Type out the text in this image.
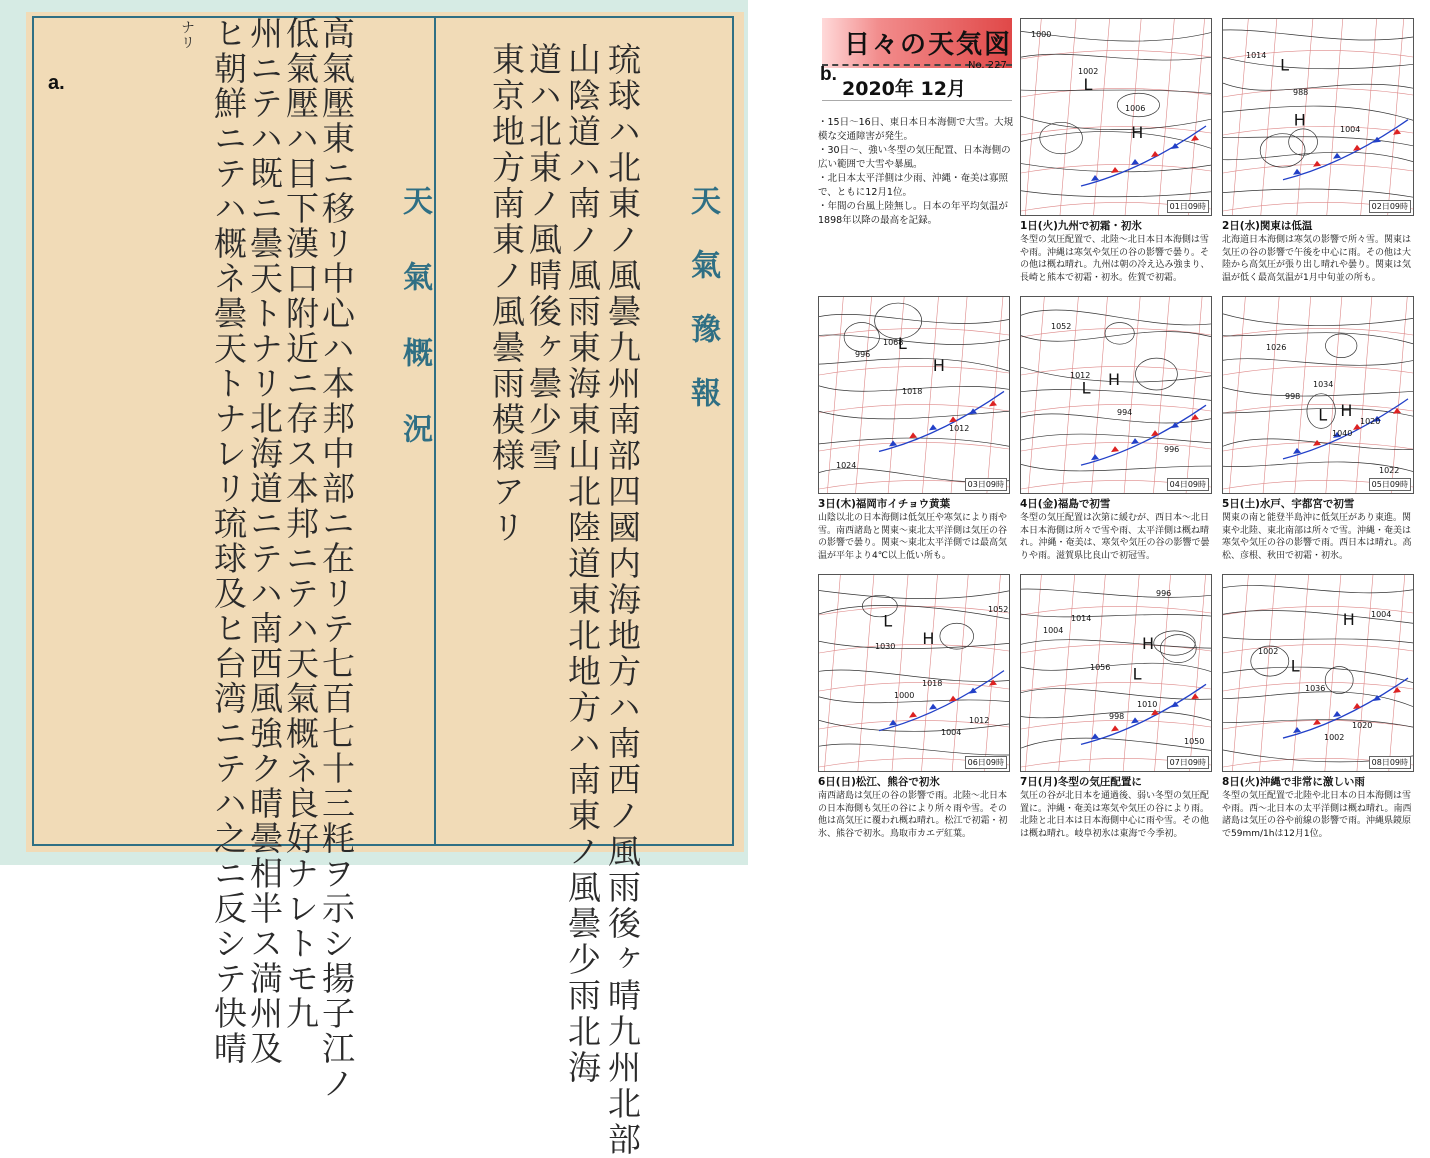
a.
天氣豫報
天氣概況	琉球ハ北東ノ風曇九州南部四國内海地方ハ南西ノ風雨後ヶ晴九州北部
山陰道ハ南ノ風雨東海東山北陸道東北地方ハ南東ノ風曇少雨北海
道ハ北東ノ風晴後ヶ曇少雪
東京地方南東ノ風曇雨模様アリ
高氣壓東ニ移リ中心ハ本邦中部ニ在リテ七百七十三粍ヲ示シ揚子江ノ
低氣壓ハ目下漢口附近ニ存ス本邦ニテハ天氣概ネ良好ナレトモ九
州ニテハ既ニ曇天トナリ北海道ニテハ南西風強ク晴曇相半ス満州及
ヒ朝鮮ニテハ概ネ曇天トナレリ琉球及ヒ台湾ニテハ之ニ反シテ快晴
ナリ	日々の天気図
No. 227
b.
2020年 12月
・15日～16日、東日本日本海側で大雪。大規模な交通障害が発生。
・30日～、強い冬型の気圧配置、日本海側の広い範囲で大雪や暴風。
・北日本太平洋側は少雨、沖縄・奄美は寡照で、ともに12月1位。
・年間の台風上陸無し。日本の年平均気温が1898年以降の最高を記録。
H
L
1000
1002
1006
01日09時
1日(火)九州で初霜・初氷
冬型の気圧配置で、北陸～北日本日本海側は雪や雨。沖縄は寒気や気圧の谷の影響で曇り。その他は概ね晴れ。九州は朝の冷え込み強まり、長崎と熊本で初霜・初氷。佐賀で初霜。
L
H
1014
988
1004
02日09時
2日(水)関東は低温
北海道日本海側は寒気の影響で所々雪。関東は気圧の谷の影響で午後を中心に雨。その他は大陸から高気圧が張り出し晴れや曇り。関東は気温が低く最高気温が1月中旬並の所も。
H
L
996
1018
1012
1024
1068
03日09時
3日(木)福岡市イチョウ黄葉
山陰以北の日本海側は低気圧や寒気により雨や雪。南西諸島と関東～東北太平洋側は気圧の谷の影響で曇り。関東～東北太平洋側では最高気温が平年より4℃以上低い所も。
L H
1012
994
996
1052
04日09時
4日(金)福島で初雪
冬型の気圧配置は次第に緩むが、西日本～北日本日本海側は所々で雪や雨、太平洋側は概ね晴れ。沖縄・奄美は、寒気や気圧の谷の影響で曇りや雨。滋賀県比良山で初冠雪。
H
L
998
1040
1022
1026
1034
1020
05日09時
5日(土)水戸、宇都宮で初雪
関東の南と能登半島沖に低気圧があり東進。関東や北陸、東北南部は所々で雪。沖縄・奄美は寒気や気圧の谷の影響で雨。西日本は晴れ。高松、彦根、秋田で初霜・初氷。
L
H
1000
1004
1052
1030
1018
1012
06日09時
6日(日)松江、熊谷で初氷
南西諸島は気圧の谷の影響で雨。北陸～北日本の日本海側も気圧の谷により所々雨や雪。その他は高気圧に覆われ概ね晴れ。松江で初霜・初氷、熊谷で初氷。鳥取市カエデ紅葉。
H
L
998
996
1004
1056
1010
1050
1014
07日09時
7日(月)冬型の気圧配置に
気圧の谷が北日本を通過後、弱い冬型の気圧配置に。沖縄・奄美は寒気や気圧の谷により雨。北陸と北日本は日本海側中心に雨や雪。その他は概ね晴れ。岐阜初氷は東海で今季初。
L
H
1002
1004
1002
1036
1020
08日09時
8日(火)沖縄で非常に激しい雨
冬型の気圧配置で北陸や北日本の日本海側は雪や雨。西～北日本の太平洋側は概ね晴れ。南西諸島は気圧の谷や前線の影響で雨。沖縄県鏡原で59mm/1hは12月1位。
